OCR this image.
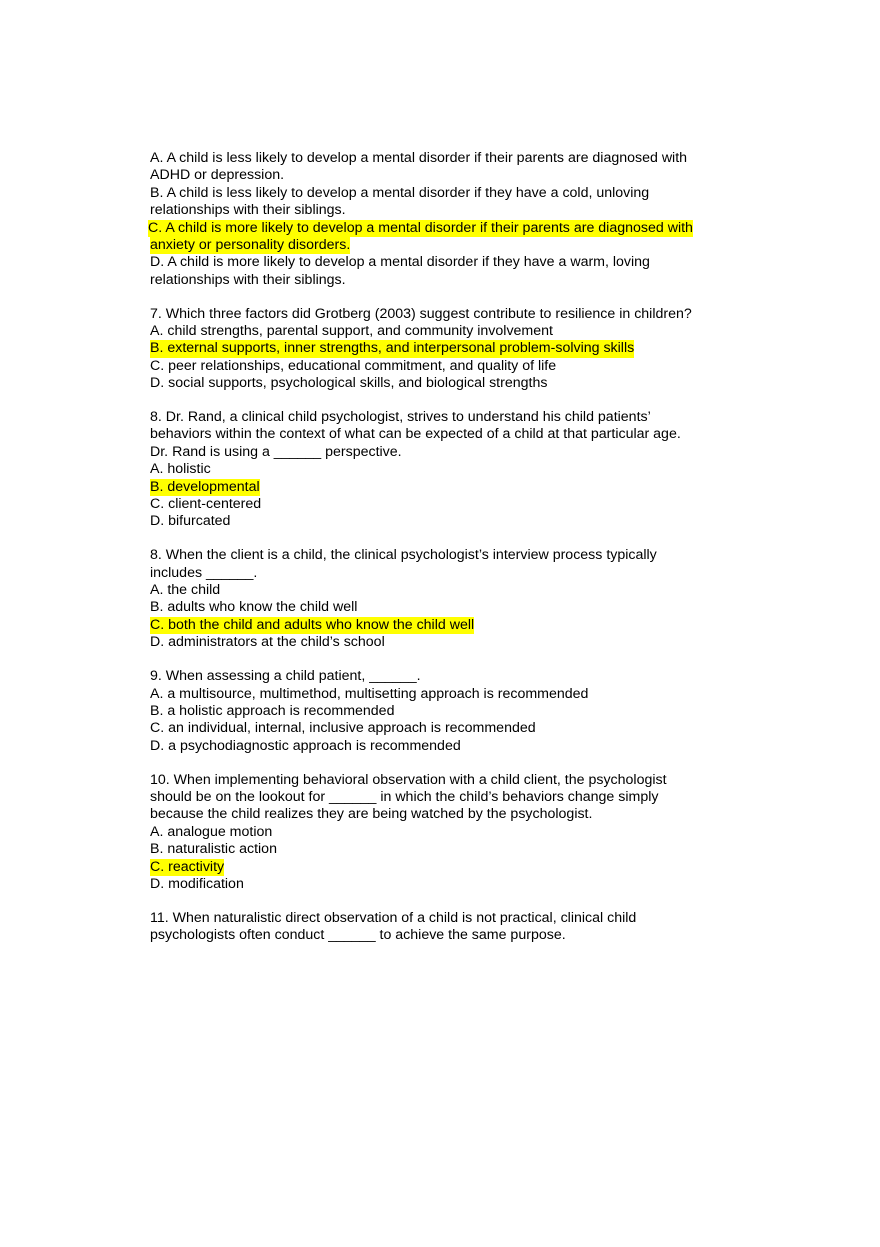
A. A child is less likely to develop a mental disorder if their parents are diagnosed with
ADHD or depression.
B. A child is less likely to develop a mental disorder if they have a cold, unloving
relationships with their siblings.
C. A child is more likely to develop a mental disorder if their parents are diagnosed with
anxiety or personality disorders.
D. A child is more likely to develop a mental disorder if they have a warm, loving
relationships with their siblings.
7. Which three factors did Grotberg (2003) suggest contribute to resilience in children?
A. child strengths, parental support, and community involvement
B. external supports, inner strengths, and interpersonal problem-solving skills
C. peer relationships, educational commitment, and quality of life
D. social supports, psychological skills, and biological strengths
8. Dr. Rand, a clinical child psychologist, strives to understand his child patients’
behaviors within the context of what can be expected of a child at that particular age.
Dr. Rand is using a ______ perspective.
A. holistic
B. developmental
C. client-centered
D. bifurcated
8. When the client is a child, the clinical psychologist’s interview process typically
includes ______.
A. the child
B. adults who know the child well
C. both the child and adults who know the child well
D. administrators at the child’s school
9. When assessing a child patient, ______.
A. a multisource, multimethod, multisetting approach is recommended
B. a holistic approach is recommended
C. an individual, internal, inclusive approach is recommended
D. a psychodiagnostic approach is recommended
10. When implementing behavioral observation with a child client, the psychologist
should be on the lookout for ______ in which the child’s behaviors change simply
because the child realizes they are being watched by the psychologist.
A. analogue motion
B. naturalistic action
C. reactivity
D. modification
11. When naturalistic direct observation of a child is not practical, clinical child
psychologists often conduct ______ to achieve the same purpose.
